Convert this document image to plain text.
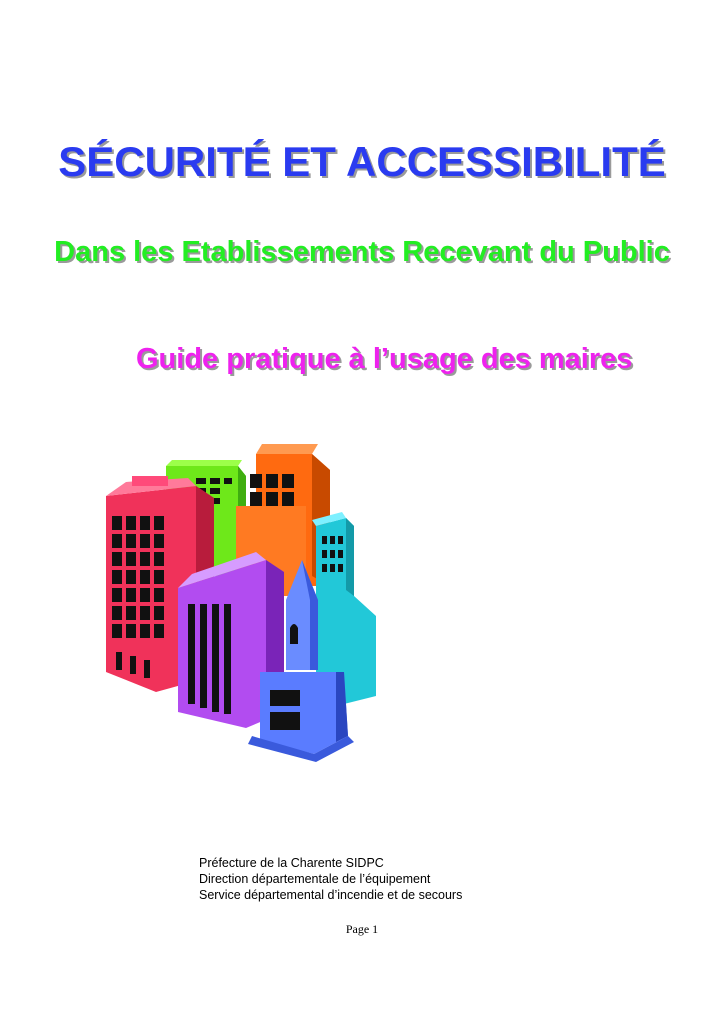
SÉCURITÉ ET ACCESSIBILITÉ
Dans les Etablissements Recevant du Public
Guide pratique à l’usage des maires
Préfecture de la Charente SIDPC
Direction départementale de l’équipement
Service départemental d’incendie et de secours
Page 1
